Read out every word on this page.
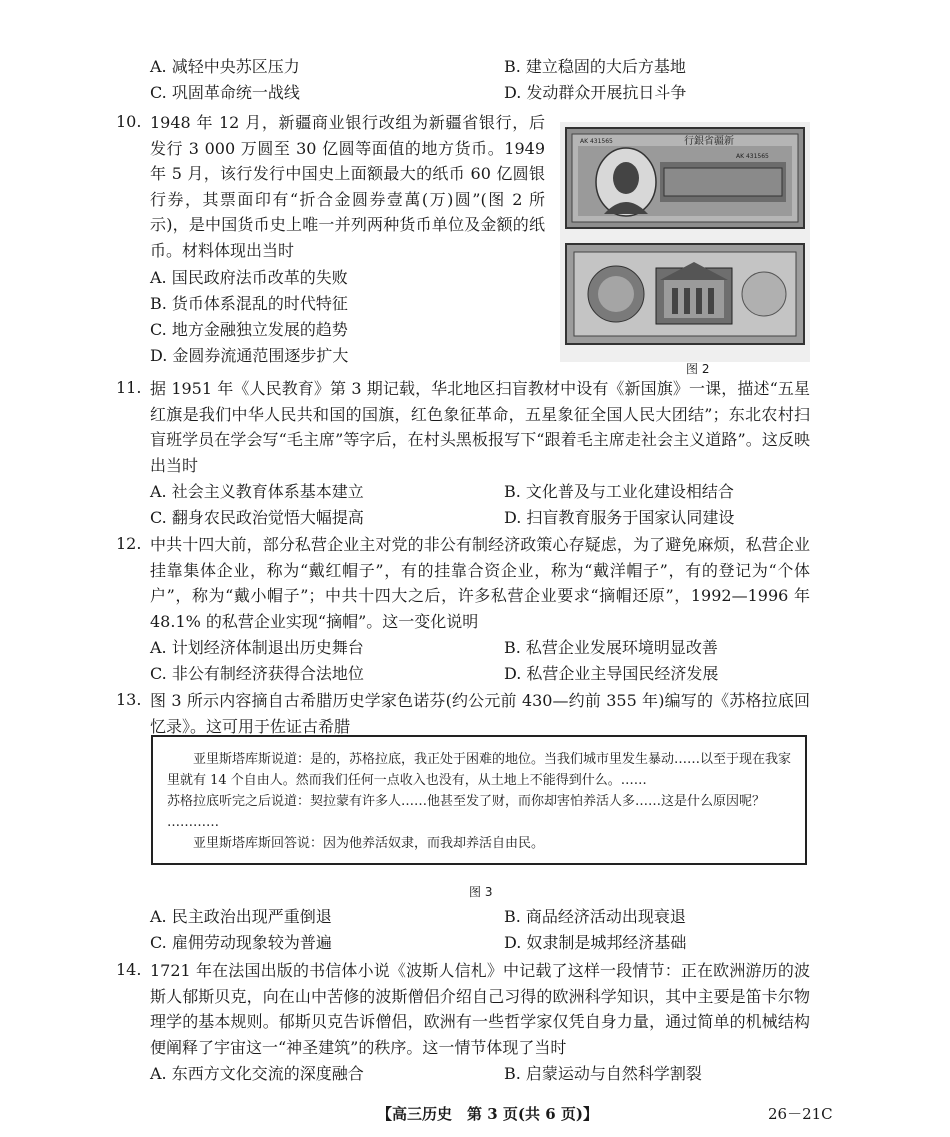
A. 减轻中央苏区压力	B. 建立稳固的大后方基地
C. 巩固革命统一战线	D. 发动群众开展抗日斗争
10. 1948 年 12 月，新疆商业银行改组为新疆省银行，后发行 3 000 万圆至 30 亿圆等面值的地方货币。1949 年 5 月，该行发行中国史上面额最大的纸币 60 亿圆银行券，其票面印有“折合金圆券壹萬(万)圆”(图 2 所示)，是中国货币史上唯一并列两种货币单位及金额的纸币。材料体现出当时
A. 国民政府法币改革的失败
B. 货币体系混乱的时代特征
C. 地方金融独立发展的趋势
D. 金圆券流通范围逐步扩大
行銀省疆新
AK 431565
AK 431565
图 2
11. 据 1951 年《人民教育》第 3 期记载，华北地区扫盲教材中设有《新国旗》一课，描述“五星红旗是我们中华人民共和国的国旗，红色象征革命，五星象征全国人民大团结”；东北农村扫盲班学员在学会写“毛主席”等字后，在村头黑板报写下“跟着毛主席走社会主义道路”。这反映出当时
A. 社会主义教育体系基本建立	B. 文化普及与工业化建设相结合
C. 翻身农民政治觉悟大幅提高	D. 扫盲教育服务于国家认同建设
12. 中共十四大前，部分私营企业主对党的非公有制经济政策心存疑虑，为了避免麻烦，私营企业挂靠集体企业，称为“戴红帽子”，有的挂靠合资企业，称为“戴洋帽子”，有的登记为“个体户”，称为“戴小帽子”；中共十四大之后，许多私营企业要求“摘帽还原”，1992—1996 年 48.1% 的私营企业实现“摘帽”。这一变化说明
A. 计划经济体制退出历史舞台	B. 私营企业发展环境明显改善
C. 非公有制经济获得合法地位	D. 私营企业主导国民经济发展
13. 图 3 所示内容摘自古希腊历史学家色诺芬(约公元前 430—约前 355 年)编写的《苏格拉底回忆录》。这可用于佐证古希腊

亚里斯塔库斯说道：是的，苏格拉底，我正处于困难的地位。当我们城市里发生暴动……以至于现在我家里就有 14 个自由人。然而我们任何一点收入也没有，从土地上不能得到什么。……

苏格拉底听完之后说道：契拉蒙有许多人……他甚至发了财，而你却害怕养活人多……这是什么原因呢？

…………

亚里斯塔库斯回答说：因为他养活奴隶，而我却养活自由民。

图 3
A. 民主政治出现严重倒退	B. 商品经济活动出现衰退
C. 雇佣劳动现象较为普遍	D. 奴隶制是城邦经济基础
14. 1721 年在法国出版的书信体小说《波斯人信札》中记载了这样一段情节：正在欧洲游历的波斯人郁斯贝克，向在山中苦修的波斯僧侣介绍自己习得的欧洲科学知识，其中主要是笛卡尔物理学的基本规则。郁斯贝克告诉僧侣，欧洲有一些哲学家仅凭自身力量，通过简单的机械结构便阐释了宇宙这一“神圣建筑”的秩序。这一情节体现了当时
A. 东西方文化交流的深度融合	B. 启蒙运动与自然科学割裂
【高三历史　第 3 页(共 6 页)】	26－21C
